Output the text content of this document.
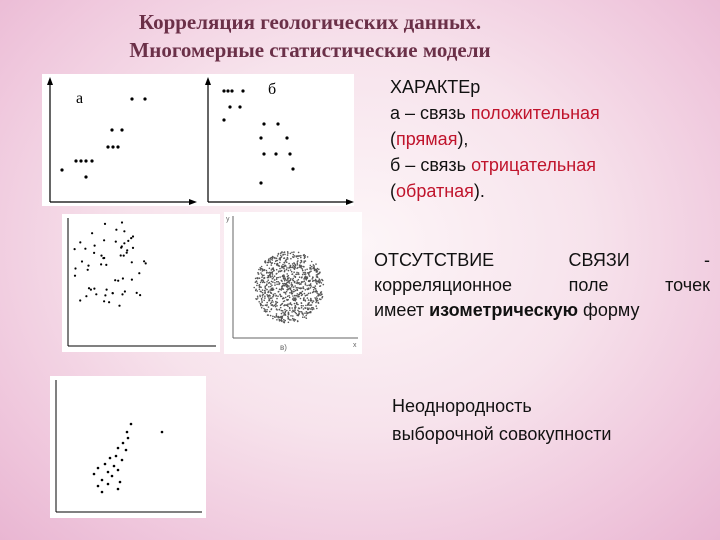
Корреляция геологических данных.
Многомерные статистические модели
а
б
y
x
в)
ХАРАКТЕр
а – связь положительная
(прямая),
б – связь отрицательная
(обратная).
ОТСУТСТВИЕ	СВЯЗИ	-
корреляционное поле точек
имеет изометрическую форму
Неоднородность
выборочной совокупности
